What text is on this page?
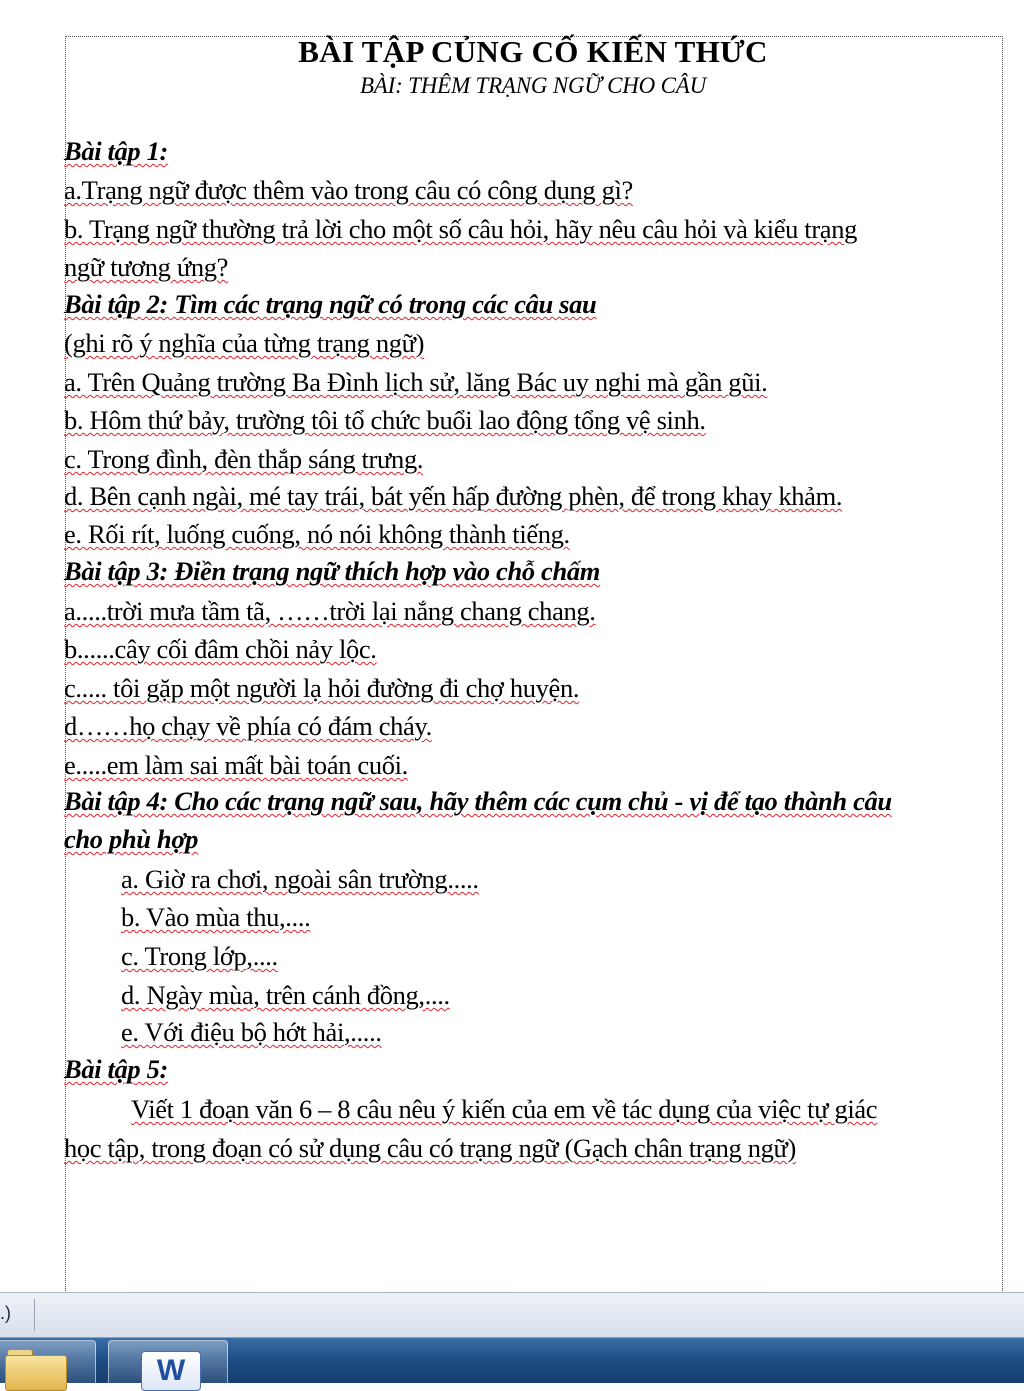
BÀI TẬP CỦNG CỐ KIẾN THỨC
BÀI: THÊM TRẠNG NGỮ CHO CÂU
Bài tập 1:
a.Trạng ngữ được thêm vào trong câu có công dụng gì?
b. Trạng ngữ thường trả lời cho một số câu hỏi, hãy nêu câu hỏi và kiểu trạng
ngữ tương ứng?
Bài tập 2: Tìm các trạng ngữ có trong các câu sau
(ghi rõ ý nghĩa của từng trạng ngữ)
a. Trên Quảng trường Ba Đình lịch sử, lăng Bác uy nghi mà gần gũi.
b. Hôm thứ bảy, trường tôi tổ chức buổi lao động tổng vệ sinh.
c. Trong đình, đèn thắp sáng trưng.
d. Bên cạnh ngài, mé tay trái, bát yến hấp đường phèn, để trong khay khảm.
e. Rối rít, luống cuống, nó nói không thành tiếng.
Bài tập 3: Điền trạng ngữ thích hợp vào chỗ chấm
a.....trời mưa tầm tã, ……trời lại nắng chang chang.
b......cây cối đâm chồi nảy lộc.
c..... tôi gặp một người lạ hỏi đường đi chợ huyện.
d……họ chạy về phía có đám cháy.
e.....em làm sai mất bài toán cuối.
Bài tập 4: Cho các trạng ngữ sau, hãy thêm các cụm chủ - vị để tạo thành câu
cho phù hợp
a. Giờ ra chơi, ngoài sân trường.....
b. Vào mùa thu,....
c. Trong lớp,....
d. Ngày mùa, trên cánh đồng,....
e. Với điệu bộ hớt hải,.....
Bài tập 5:
Viết 1 đoạn văn 6 – 8 câu nêu ý kiến của em về tác dụng của việc tự giác
học tập, trong đoạn có sử dụng câu có trạng ngữ (Gạch chân trạng ngữ)
.)
W
